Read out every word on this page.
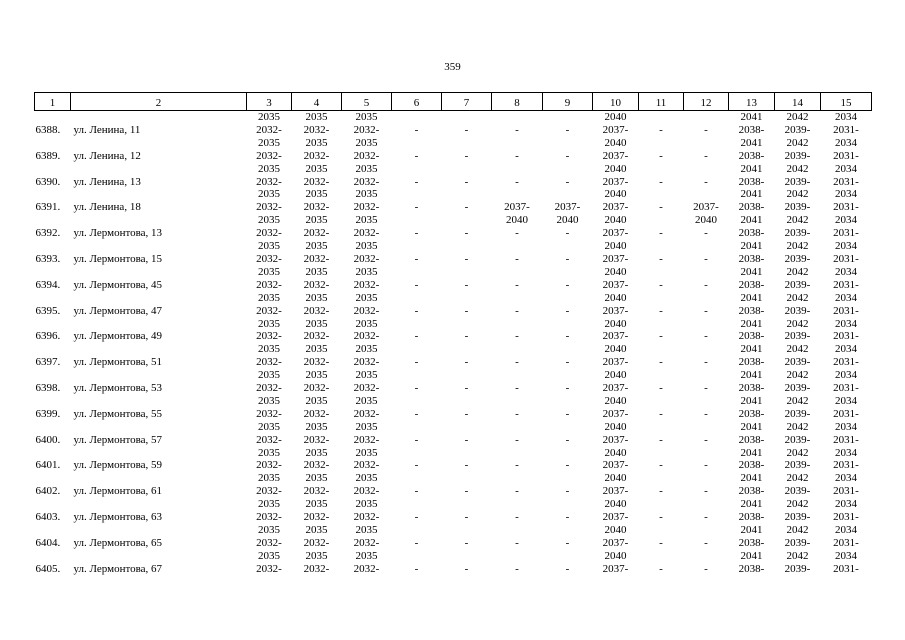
359
1	2	3	4	5	6	7	8	9	10	11	12	13	14	15
		2035	2035	2035					2040			2041	2042	2034
6388.	ул. Ленина, 11	2032-	2032-	2032-	-	-	-	-	2037-	-	-	2038-	2039-	2031-
		2035	2035	2035					2040			2041	2042	2034
6389.	ул. Ленина, 12	2032-	2032-	2032-	-	-	-	-	2037-	-	-	2038-	2039-	2031-
		2035	2035	2035					2040			2041	2042	2034
6390.	ул. Ленина, 13	2032-	2032-	2032-	-	-	-	-	2037-	-	-	2038-	2039-	2031-
		2035	2035	2035					2040			2041	2042	2034
6391.	ул. Ленина, 18	2032-	2032-	2032-	-	-	2037-	2037-	2037-	-	2037-	2038-	2039-	2031-
		2035	2035	2035			2040	2040	2040		2040	2041	2042	2034
6392.	ул. Лермонтова, 13	2032-	2032-	2032-	-	-	-	-	2037-	-	-	2038-	2039-	2031-
		2035	2035	2035					2040			2041	2042	2034
6393.	ул. Лермонтова, 15	2032-	2032-	2032-	-	-	-	-	2037-	-	-	2038-	2039-	2031-
		2035	2035	2035					2040			2041	2042	2034
6394.	ул. Лермонтова, 45	2032-	2032-	2032-	-	-	-	-	2037-	-	-	2038-	2039-	2031-
		2035	2035	2035					2040			2041	2042	2034
6395.	ул. Лермонтова, 47	2032-	2032-	2032-	-	-	-	-	2037-	-	-	2038-	2039-	2031-
		2035	2035	2035					2040			2041	2042	2034
6396.	ул. Лермонтова, 49	2032-	2032-	2032-	-	-	-	-	2037-	-	-	2038-	2039-	2031-
		2035	2035	2035					2040			2041	2042	2034
6397.	ул. Лермонтова, 51	2032-	2032-	2032-	-	-	-	-	2037-	-	-	2038-	2039-	2031-
		2035	2035	2035					2040			2041	2042	2034
6398.	ул. Лермонтова, 53	2032-	2032-	2032-	-	-	-	-	2037-	-	-	2038-	2039-	2031-
		2035	2035	2035					2040			2041	2042	2034
6399.	ул. Лермонтова, 55	2032-	2032-	2032-	-	-	-	-	2037-	-	-	2038-	2039-	2031-
		2035	2035	2035					2040			2041	2042	2034
6400.	ул. Лермонтова, 57	2032-	2032-	2032-	-	-	-	-	2037-	-	-	2038-	2039-	2031-
		2035	2035	2035					2040			2041	2042	2034
6401.	ул. Лермонтова, 59	2032-	2032-	2032-	-	-	-	-	2037-	-	-	2038-	2039-	2031-
		2035	2035	2035					2040			2041	2042	2034
6402.	ул. Лермонтова, 61	2032-	2032-	2032-	-	-	-	-	2037-	-	-	2038-	2039-	2031-
		2035	2035	2035					2040			2041	2042	2034
6403.	ул. Лермонтова, 63	2032-	2032-	2032-	-	-	-	-	2037-	-	-	2038-	2039-	2031-
		2035	2035	2035					2040			2041	2042	2034
6404.	ул. Лермонтова, 65	2032-	2032-	2032-	-	-	-	-	2037-	-	-	2038-	2039-	2031-
		2035	2035	2035					2040			2041	2042	2034
6405.	ул. Лермонтова, 67	2032-	2032-	2032-	-	-	-	-	2037-	-	-	2038-	2039-	2031-
